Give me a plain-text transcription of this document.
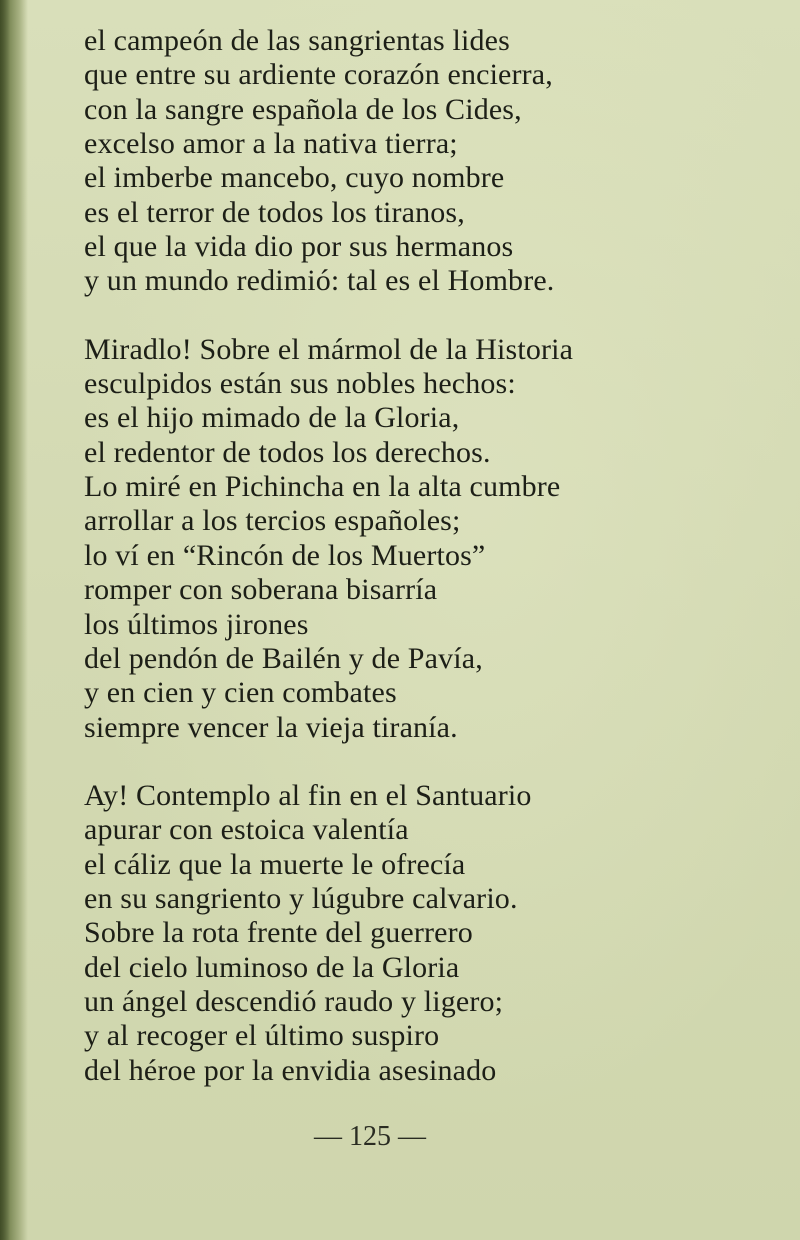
el campeón de las sangrientas lides
que entre su ardiente corazón encierra,
con la sangre española de los Cides,
excelso amor a la nativa tierra;
el imberbe mancebo, cuyo nombre
es el terror de todos los tiranos,
el que la vida dio por sus hermanos
y un mundo redimió: tal es el Hombre.
Miradlo! Sobre el mármol de la Historia
esculpidos están sus nobles hechos:
es el hijo mimado de la Gloria,
el redentor de todos los derechos.
Lo miré en Pichincha en la alta cumbre
arrollar a los tercios españoles;
lo ví en “Rincón de los Muertos”
romper con soberana bisarría
los últimos jirones
del pendón de Bailén y de Pavía,
y en cien y cien combates
siempre vencer la vieja tiranía.
Ay! Contemplo al fin en el Santuario
apurar con estoica valentía
el cáliz que la muerte le ofrecía
en su sangriento y lúgubre calvario.
Sobre la rota frente del guerrero
del cielo luminoso de la Gloria
un ángel descendió raudo y ligero;
y al recoger el último suspiro
del héroe por la envidia asesinado
— 125 —
